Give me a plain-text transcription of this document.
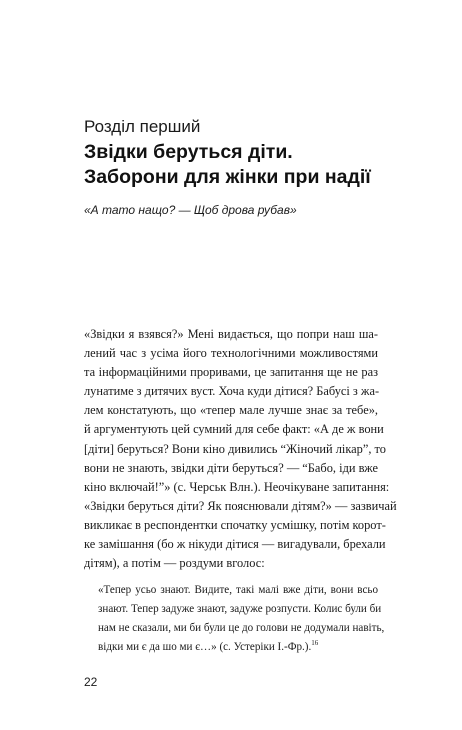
Розділ перший
Звідки беруться діти.
Заборони для жінки при надії
«А тато нащо? — Щоб дрова рубав»
«Звідки я взявся?» Мені видається, що попри наш ша-
лений час з усіма його технологічними можливостями
та інформаційними проривами, це запитання ще не раз
лунатиме з дитячих вуст. Хоча куди дітися? Бабусі з жа-
лем констатують, що «тепер мале лучше знає за тебе»,
й аргументують цей сумний для себе факт: «А де ж вони
[діти] беруться? Вони кіно дивились “Жіночий лікар”, то
вони не знають, звідки діти беруться? — “Бабо, іди вже
кіно включай!”» (с. Черськ Влн.). Неочікуване запитання:
«Звідки беруться діти? Як пояснювали дітям?» — зазвичай
викликає в респондентки спочатку усмішку, потім корот-
ке замішання (бо ж нікуди дітися — вигадували, брехали
дітям), а потім — роздуми вголос:
«Тепер усьо знают. Видите, такі малі вже діти, вони всьо
знают. Тепер задуже знают, задуже розпусти. Колис були би
нам не сказали, ми би були це до голови не додумали навіть,
відки ми є да шо ми є…» (с. Устеріки І.-Фр.).$^{16}$
22
